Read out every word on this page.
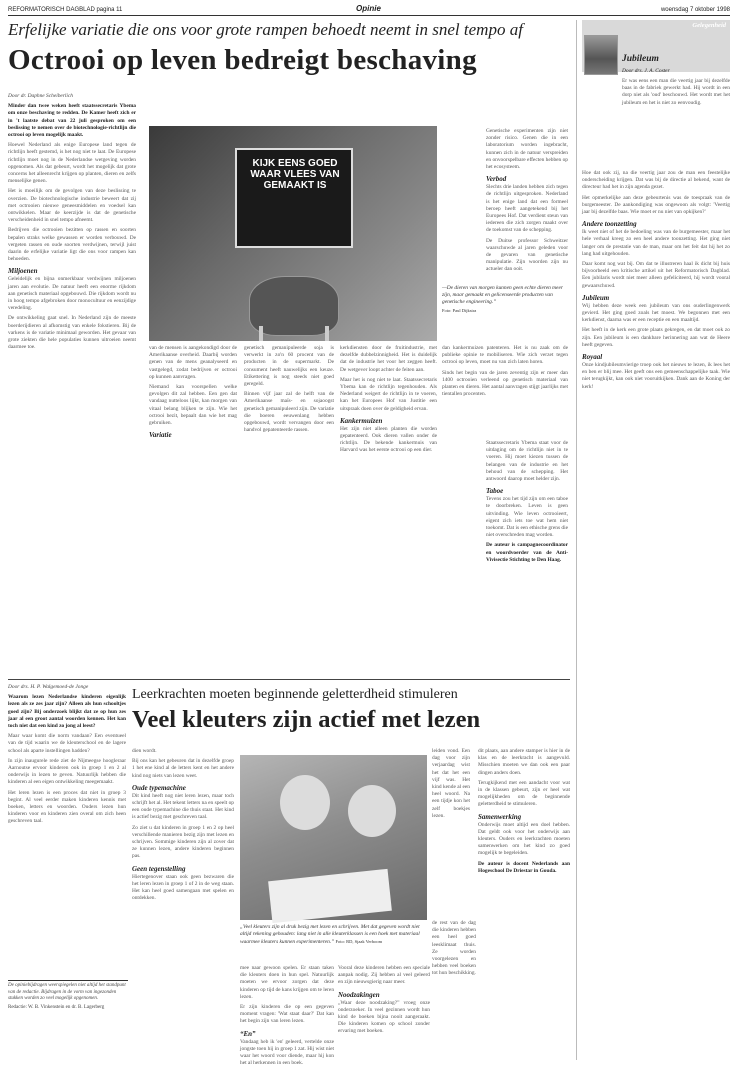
REFORMATORISCH DAGBLAD pagina 11	Opinie	woensdag 7 oktober 1998
Erfelijke variatie die ons voor grote rampen behoedt neemt in snel tempo af
Octrooi op leven bedreigt beschaving

Door dr. Daphne Scheiberlich

Minder dan twee weken heeft staatssecretaris Ybema om onze beschaving te redden. De Kamer heeft zich er in 't laatste debat van 22 juli gesproken om een beslissing te nemen over de biotechnologie-richtlijn die octrooi op leven mogelijk maakt.

Hoewel Nederland als enige Europese land tegen de richtlijn heeft gestemd, is het nog niet te laat. De Europese richtlijn moet nog in de Nederlandse wetgeving worden opgenomen. Als dat gebeurt, wordt het mogelijk dat grote concerns het alleenrecht krijgen op planten, dieren en zelfs menselijke genen.

Het is moeilijk om de gevolgen van deze beslissing te overzien. De biotechnologische industrie beweert dat zij met octrooien nieuwe geneesmiddelen en voedsel kan ontwikkelen. Maar de keerzijde is dat de genetische verscheidenheid in snel tempo afneemt.

Bedrijven die octrooien bezitten op rassen en soorten bepalen straks welke gewassen er worden verbouwd. De vergeten rassen en oude soorten verdwijnen, terwijl juist daarin de erfelijke variatie ligt die ons voor rampen kan behoeden.

Miljoenen

Geleidelijk en bijna onmerkbaar verdwijnen miljoenen jaren aan evolutie. De natuur heeft een enorme rijkdom aan genetisch materiaal opgebouwd. Die rijkdom wordt nu in hoog tempo afgebroken door monocultuur en eenzijdige veredeling.

De ontwikkeling gaat snel. In Nederland zijn de meeste boerderijdieren al afkomstig van enkele fokstieren. Bij de varkens is de variatie minimaal geworden. Het gevaar van grote ziekten die hele populaties kunnen uitroeien neemt daarmee toe.

KIJK EENS GOED WAAR VLEES VAN GEMAAKT IS
—De dieren van morgen kunnen geen echte dieren meer zijn, maar gemaakt en gelicenseerde producten van genetische engineering.”
Foto: Paul Dijkstra

van de mensen is aangekondigd door de Amerikaanse overheid. Daarbij worden genen van de mens geanalyseerd en vastgelegd, zodat bedrijven er octrooi op kunnen aanvragen.

Niemand kan voorspellen welke gevolgen dit zal hebben. Een gen dat vandaag nutteloos lijkt, kan morgen van vitaal belang blijken te zijn. Wie het octrooi bezit, bepaalt dan wie het mag gebruiken.

Variatie

genetisch gemanipuleerde soja is verwerkt in zo'n 60 procent van de producten in de supermarkt. De consument heeft nauwelijks een keuze. Etikettering is nog steeds niet goed geregeld.

Binnen vijf jaar zal de helft van de Amerikaanse maïs- en sojaoogst genetisch gemanipuleerd zijn. De variatie die boeren eeuwenlang hebben opgebouwd, wordt vervangen door een handvol gepatenteerde rassen.

kerkdiensten door de fruitindustrie, met dezelfde dubbelzinnigheid. Het is duidelijk dat de industrie het voor het zeggen heeft. De wetgever loopt achter de feiten aan.

Maar het is nog niet te laat. Staatssecretaris Ybema kan de richtlijn tegenhouden. Als Nederland weigert de richtlijn in te voeren, kan het Europees Hof van Justitie een uitspraak doen over de geldigheid ervan.

Kankermuizen

Het zijn niet alleen planten die worden gepatenteerd. Ook dieren vallen onder de richtlijn. De bekende kankermuis van Harvard was het eerste octrooi op een dier.

dan kankermuizen patenteren. Het is nu zaak om de publieke opinie te mobiliseren. Wie zich verzet tegen octrooi op leven, moet nu van zich laten horen.

Sinds het begin van de jaren zeventig zijn er meer dan 1400 octrooien verleend op genetisch materiaal van planten en dieren. Het aantal aanvragen stijgt jaarlijks met tientallen procenten.

Genetische experimenten zijn niet zonder risico. Genen die in een laboratorium worden ingebracht, kunnen zich in de natuur verspreiden en onvoorspelbare effecten hebben op het ecosysteem.

Verbod

Slechts drie landen hebben zich tegen de richtlijn uitgesproken. Nederland is het enige land dat een formeel beroep heeft aangetekend bij het Europees Hof. Dat verdient steun van iedereen die zich zorgen maakt over de toekomst van de schepping.

De Duitse professor Schweitzer waarschuwde al jaren geleden voor de gevaren van genetische manipulatie. Zijn woorden zijn nu actueler dan ooit.

Staatssecretaris Ybema staat voor de uitdaging om de richtlijn niet in te voeren. Hij moet kiezen tussen de belangen van de industrie en het behoud van de schepping. Het antwoord daarop moet helder zijn.

Taboe

Tevens zou het tijd zijn om een taboe te doorbreken. Leven is geen uitvinding. Wie leven octrooieert, eigent zich iets toe wat hem niet toekomt. Dat is een ethische grens die niet overschreden mag worden.

De auteur is campagnecoordinator en woordvoerder van de Anti-Vivisectie Stichting te Den Haag.

Gelegenheid
Jubileum
Door drs. J. A. Coster

Er was eens een man die veertig jaar bij dezelfde baas in de fabriek gewerkt had. Hij wordt in een dorp niet als 'oud' beschouwd. Het wordt met het jubileum en het is niet zo eenvoudig.

Hoe dat ook zij, na die veertig jaar zou de man een feestelijke onderscheiding krijgen. Dat was bij de directie al bekend, want de directeur had het in zijn agenda gezet.

Het opmerkelijke aan deze gebeurtenis was de toespraak van de burgemeester. De aankondiging was ongewoon als volgt: 'Veertig jaar bij dezelfde baas. Wie moet er nu niet van opkijken?'

Andere toonzetting

Ik weet niet of het de bedoeling was van de burgemeester, maar het hele verhaal kreeg zo een heel andere toonzetting. Het ging niet langer om de prestatie van de man, maar om het feit dat hij het zo lang had uitgehouden.

Daar komt nog wat bij. Om dat te illustreren haal ik dicht bij huis bijvoorbeeld een kritische artikel uit het Reformatorisch Dagblad. Een jubilaris wordt niet meer alleen gefeliciteerd, hij wordt vooral gewaarschuwd.

Jubileum

Wij hebben deze week een jubileum van ons ouderlingenwerk gevierd. Het ging goed zoals het moest. We begonnen met een kerkdienst, daarna was er een receptie en een maaltijd.

Het heeft in de kerk een grote plaats gekregen, en dat moet ook zo zijn. Een jubileum is een dankbare herinnering aan wat de Heere heeft gegeven.

Royaal

Onze kindjubileumvierige troep ook het nieuws te lezen, ik lees het en ben er blij mee. Het geeft ons een gemeenschappelijke taak. Wie niet terugkijkt, kan ook niet vooruitkijken. Dank aan de Koning der kerk!

Door drs. H. P. Walgemoed-de Jonge

Waarom lezen Nederlandse kinderen eigenlijk lezen als ze zes jaar zijn? Alleen als hun schooltjes goed zijn? Bij onderzoek blijkt dat ze op hun zes jaar al een groot aantal woorden kennen. Het kan toch niet dat een kind zo jong al leest?

Maar waar komt die norm vandaan? Een eventueel van de tijd waarin we de kleuterschool en de lagere school als aparte instellingen hadden?

In zijn inaugurele rede ziet de Nijmeegse hoogleraar Aarnoutse ervoor kinderen ook in groep 1 en 2 al onderwijs in lezen te geven. Natuurlijk hebben die kinderen al een eigen ontwikkeling meegemaakt.

Het leren lezen is een proces dat niet in groep 3 begint. Al veel eerder maken kinderen kennis met boeken, letters en woorden. Ouders lezen hun kinderen voor en kinderen zien overal om zich heen geschreven taal.

Leerkrachten moeten beginnende geletterdheid stimuleren
Veel kleuters zijn actief met lezen

dien wordt.

Bij ons kan het gebeuren dat in dezelfde groep 1 het ene kind al de letters kent en het andere kind nog niets van lezen weet.

Oude typemachine

Dit kind heeft nog niet leren lezen, maar toch schrijft het al. Het tekent letters na en speelt op een oude typemachine die thuis staat. Het kind is actief bezig met geschreven taal.

Zo ziet u dat kinderen in groep 1 en 2 op heel verschillende manieren bezig zijn met lezen en schrijven. Sommige kinderen zijn al zover dat ze kunnen lezen, andere kinderen beginnen pas.

Geen tegenstelling

Hiertegenover staan ook geen bezwaren die het leren lezen in groep 1 of 2 in de weg staan. Het kan heel goed samengaan met spelen en ontdekken.

„Veel kleuters zijn al druk bezig met lezen en schrijven. Met dat gegeven wordt niet altijd rekening gehouden: lang niet in alle kleuterklassen is een hoek met materiaal waarmee kleuters kunnen experimenteren.” Foto: RD, Sjaak Verboom

leiden vond. Een dag voor zijn verjaardag wist het dat het een vijf was. Het kind kende al een heel woord. Na een tijdje kon het zelf boekjes lezen.

Vooral deze kinderen hebben een speciale aanpak nodig. Zij hebben al veel geleerd en zijn nieuwsgierig naar meer.

Noodzakingen

„Waar deze noodzaking?” vroeg onze onderzoeker. In veel gezinnen wordt hun kind de boeken bijna nooit aangeraakt. Die kinderen komen op school zonder ervaring met boeken.

de rest van de dag die kinderen hebben een heel goed leesklimaat thuis. Ze worden voorgelezen en hebben veel boeken tot hun beschikking.

dit plaats, aan andere stamper is hier in de klas en de leerkracht is aangevuld. Misschien moeten we dan ook een paar dingen anders doen.

Terugkijkend met een aandacht voor wat in de klassen gebeurt, zijn er heel wat mogelijkheden om de beginnende geletterdheid te stimuleren.

Samenwerking

Onderwijs moet altijd een doel hebben. Dat geldt ook voor het onderwijs aan kleuters. Ouders en leerkrachten moeten samenwerken om het kind zo goed mogelijk te begeleiden.

De auteur is docent Nederlands aan Hogeschool De Driestar in Gouda.

mee naar gewoon spelen. Er staan taken die kleuters doen in hun spel. Natuurlijk moeten we ervoor zorgen dat deze kinderen op tijd de kans krijgen om te leren lezen.

Er zijn kinderen die op een gegeven moment vragen: 'Wat staat daar?' Dat kan het begin zijn van leren lezen.

“En”

Vandaag heb ik 'en' geleerd, vertelde onze jongste toen hij in groep 1 zat. Hij wist niet waar het woord voor diende, maar hij kon het al herkennen in een boek.

De opiniebijdragen weerspiegelen niet altijd het standpunt van de redactie. Bijdragen in de vorm van ingezonden stukken worden zo veel mogelijk opgenomen.
Redactie: W. B. Vinkenstein en dr. B. Lagerberg
